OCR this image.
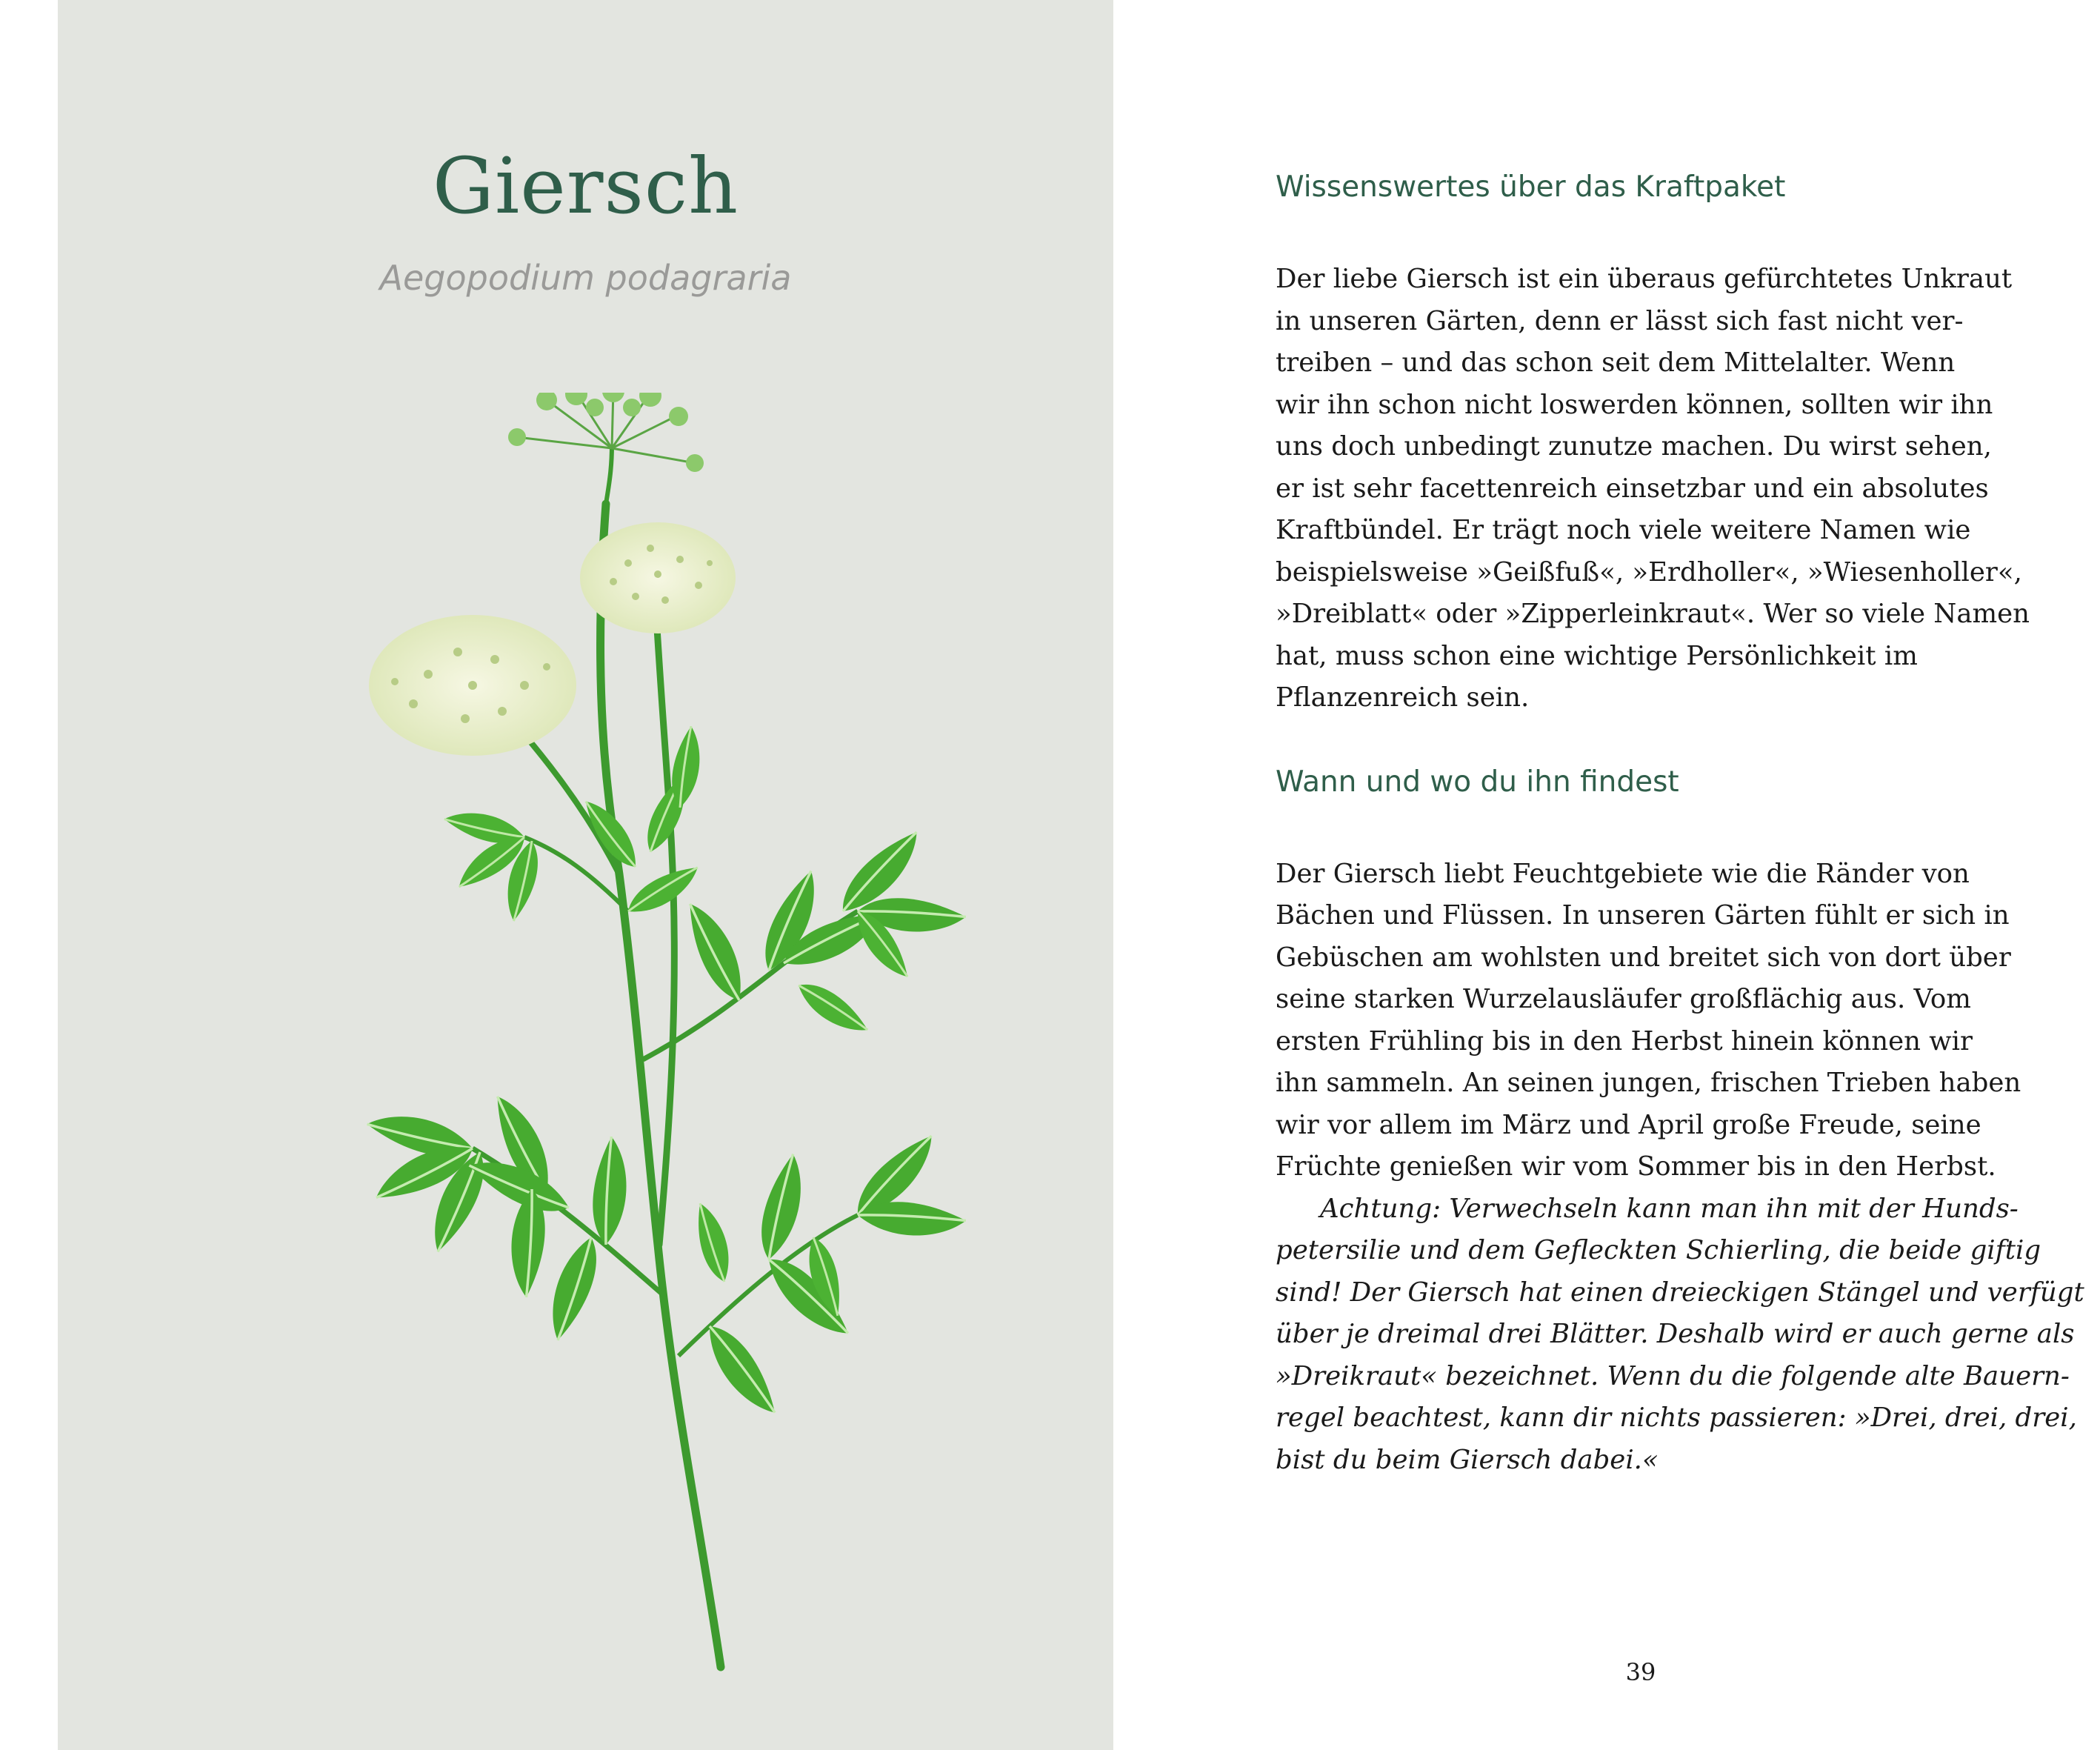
Giersch

Aegopodium podagraria

Wissenswertes über das Kraftpaket

Der liebe Giersch ist ein überaus gefürchtetes Unkraut
in unseren Gärten, denn er lässt sich fast nicht ver-
treiben – und das schon seit dem Mittelalter. Wenn
wir ihn schon nicht loswerden können, sollten wir ihn
uns doch unbedingt zunutze machen. Du wirst sehen,
er ist sehr facettenreich einsetzbar und ein absolutes
Kraftbündel. Er trägt noch viele weitere Namen wie
beispielsweise »Geißfuß«, »Erdholler«, »Wiesenholler«,
»Dreiblatt« oder »Zipperleinkraut«. Wer so viele Namen
hat, muss schon eine wichtige Persönlichkeit im
Pflanzenreich sein.

Wann und wo du ihn findest

Der Giersch liebt Feuchtgebiete wie die Ränder von
Bächen und Flüssen. In unseren Gärten fühlt er sich in
Gebüschen am wohlsten und breitet sich von dort über
seine starken Wurzelausläufer großflächig aus. Vom
ersten Frühling bis in den Herbst hinein können wir
ihn sammeln. An seinen jungen, frischen Trieben haben
wir vor allem im März und April große Freude, seine
Früchte genießen wir vom Sommer bis in den Herbst.

Achtung: Verwechseln kann man ihn mit der Hunds-
petersilie und dem Gefleckten Schierling, die beide giftig
sind! Der Giersch hat einen dreieckigen Stängel und verfügt
über je dreimal drei Blätter. Deshalb wird er auch gerne als
»Dreikraut« bezeichnet. Wenn du die folgende alte Bauern-
regel beachtest, kann dir nichts passieren: »Drei, drei, drei,
bist du beim Giersch dabei.«

39
